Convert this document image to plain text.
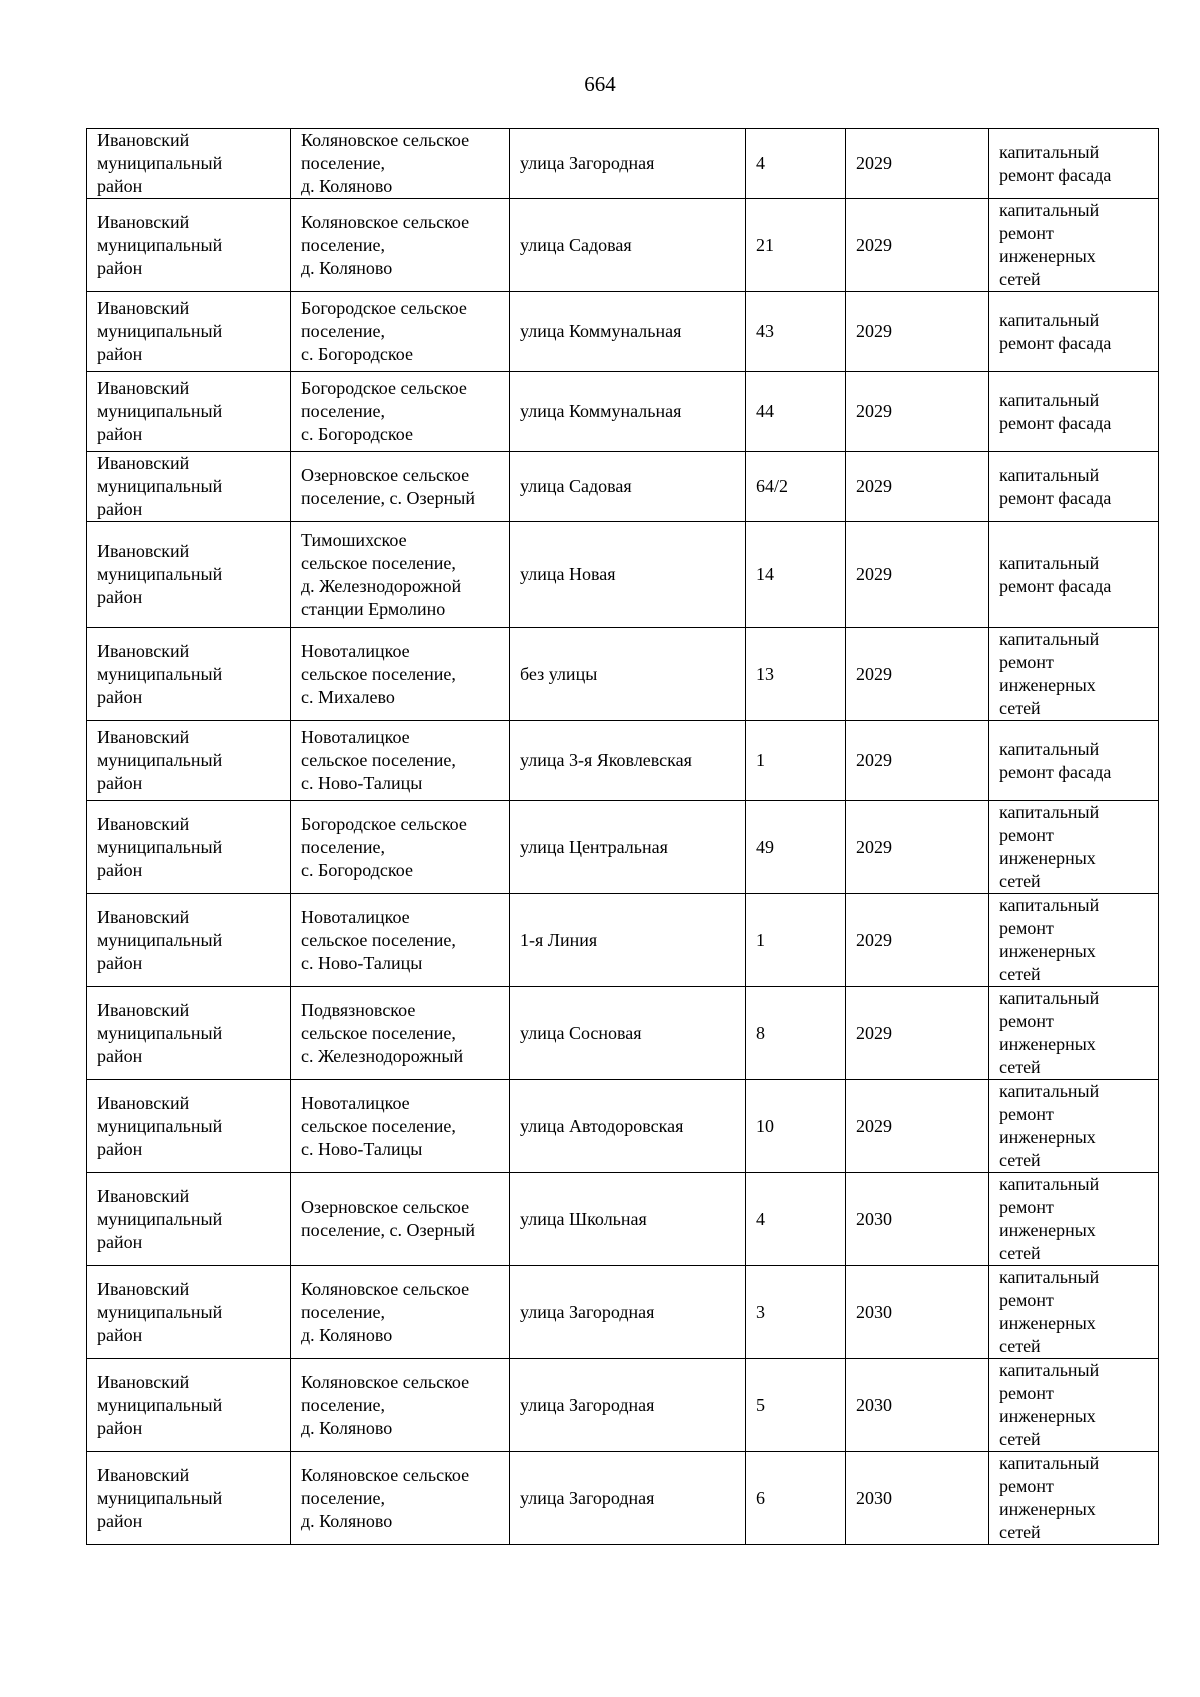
664
Ивановский
муниципальный
район	Коляновское сельское
поселение,
д. Коляново	улица Загородная	4	2029	капитальный
ремонт фасада

Ивановский
муниципальный
район	Коляновское сельское
поселение,
д. Коляново	улица Садовая	21	2029	капитальный
ремонт
инженерных
сетей

Ивановский
муниципальный
район	Богородское сельское
поселение,
с. Богородское	улица Коммунальная	43	2029	капитальный
ремонт фасада

Ивановский
муниципальный
район	Богородское сельское
поселение,
с. Богородское	улица Коммунальная	44	2029	капитальный
ремонт фасада

Ивановский
муниципальный
район	Озерновское сельское
поселение, с. Озерный	улица Садовая	64/2	2029	капитальный
ремонт фасада

Ивановский
муниципальный
район	Тимошихское
сельское поселение,
д. Железнодорожной
станции Ермолино	улица Новая	14	2029	капитальный
ремонт фасада

Ивановский
муниципальный
район	Новоталицкое
сельское поселение,
с. Михалево	без улицы	13	2029	капитальный
ремонт
инженерных
сетей

Ивановский
муниципальный
район	Новоталицкое
сельское поселение,
с. Ново-Талицы	улица 3-я Яковлевская	1	2029	капитальный
ремонт фасада

Ивановский
муниципальный
район	Богородское сельское
поселение,
с. Богородское	улица Центральная	49	2029	капитальный
ремонт
инженерных
сетей

Ивановский
муниципальный
район	Новоталицкое
сельское поселение,
с. Ново-Талицы	1-я Линия	1	2029	капитальный
ремонт
инженерных
сетей

Ивановский
муниципальный
район	Подвязновское
сельское поселение,
с. Железнодорожный	улица Сосновая	8	2029	капитальный
ремонт
инженерных
сетей

Ивановский
муниципальный
район	Новоталицкое
сельское поселение,
с. Ново-Талицы	улица Автодоровская	10	2029	капитальный
ремонт
инженерных
сетей

Ивановский
муниципальный
район	Озерновское сельское
поселение, с. Озерный	улица Школьная	4	2030	капитальный
ремонт
инженерных
сетей

Ивановский
муниципальный
район	Коляновское сельское
поселение,
д. Коляново	улица Загородная	3	2030	капитальный
ремонт
инженерных
сетей

Ивановский
муниципальный
район	Коляновское сельское
поселение,
д. Коляново	улица Загородная	5	2030	капитальный
ремонт
инженерных
сетей

Ивановский
муниципальный
район	Коляновское сельское
поселение,
д. Коляново	улица Загородная	6	2030	капитальный
ремонт
инженерных
сетей
